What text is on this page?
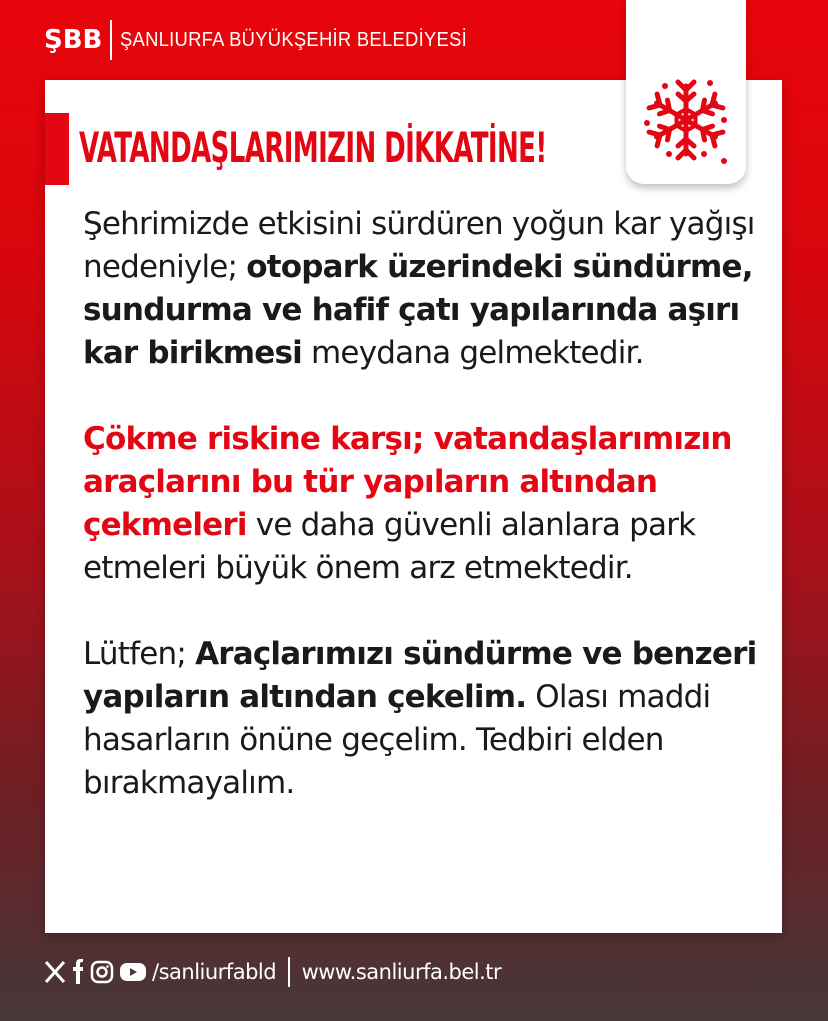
ŞBB ŞANLIURFA BÜYÜKŞEHİR BELEDİYESİ
VATANDAŞLARIMIZIN DİKKATİNE!

Şehrimizde etkisini sürdüren yoğun kar yağışı nedeniyle; otopark üzerindeki sündürme, sundurma ve hafif çatı yapılarında aşırı kar birikmesi meydana gelmektedir.

Çökme riskine karşı; vatandaşlarımızın araçlarını bu tür yapıların altından çekmeleri ve daha güvenli alanlara park etmeleri büyük önem arz etmektedir.

Lütfen; Araçlarımızı sündürme ve benzeri yapıların altından çekelim. Olası maddi hasarların önüne geçelim. Tedbiri elden bırakmayalım.

/sanliurfabld www.sanliurfa.bel.tr
